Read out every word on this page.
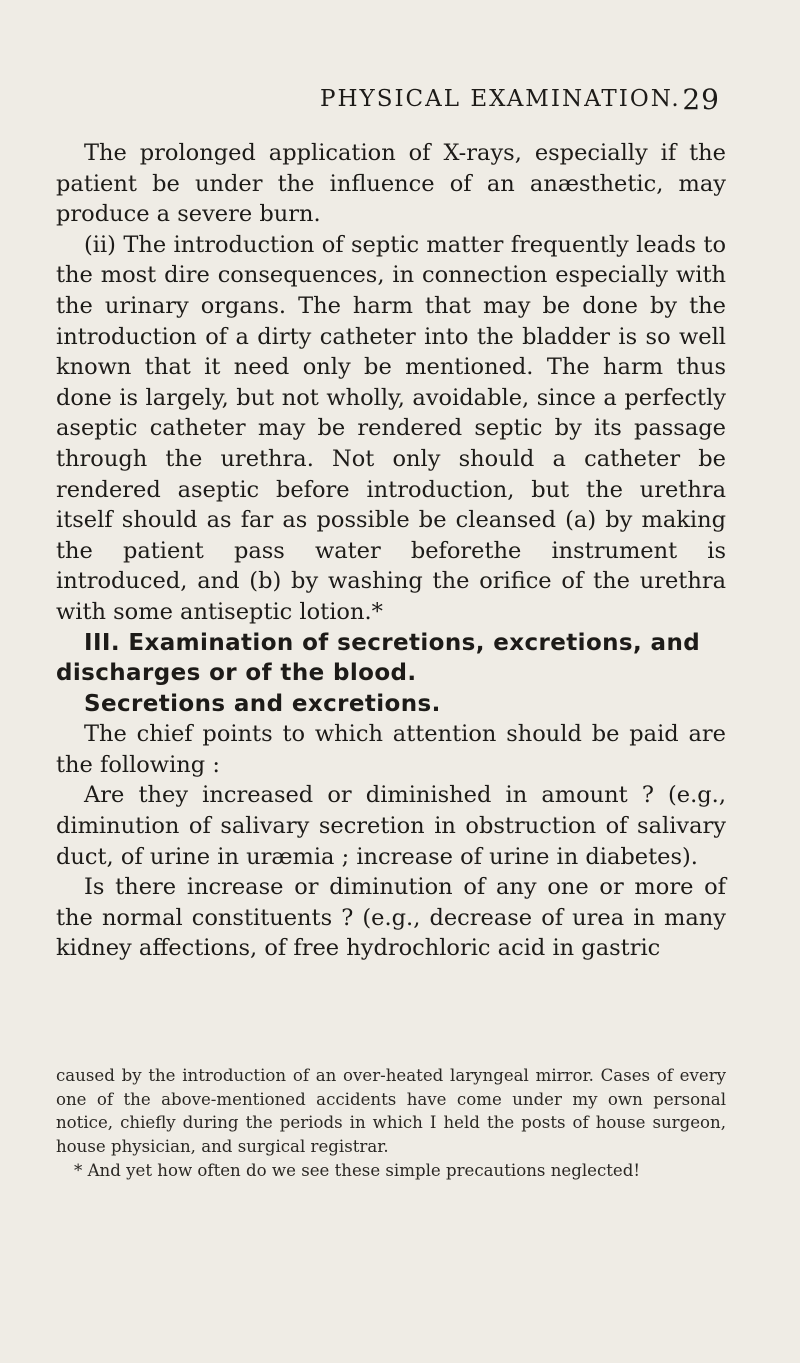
PHYSICAL EXAMINATION. 29

The prolonged application of X-rays, especially if the patient be under the influence of an anæsthetic, may produce a severe burn.

(ii) The introduction of septic matter frequently leads to the most dire consequences, in connection especially with the urinary organs. The harm that may be done by the introduction of a dirty catheter into the bladder is so well known that it need only be mentioned. The harm thus done is largely, but not wholly, avoidable, since a perfectly aseptic catheter may be rendered septic by its passage through the urethra. Not only should a catheter be rendered aseptic before introduction, but the urethra itself should as far as possible be cleansed (a) by making the patient pass water beforethe instrument is introduced, and (b) by washing the orifice of the urethra with some antiseptic lotion.*

III. Examination of secretions, excretions, and discharges or of the blood.

Secretions and excretions.

The chief points to which attention should be paid are the following :

Are they increased or diminished in amount ? (e.g., diminution of salivary secretion in obstruction of salivary duct, of urine in uræmia ; increase of urine in diabetes).

Is there increase or diminution of any one or more of the normal constituents ? (e.g., decrease of urea in many kidney affections, of free hydrochloric acid in gastric

caused by the introduction of an over-heated laryngeal mirror. Cases of every one of the above-mentioned accidents have come under my own personal notice, chiefly during the periods in which I held the posts of house surgeon, house physician, and surgical registrar.

* And yet how often do we see these simple precautions neglected!
